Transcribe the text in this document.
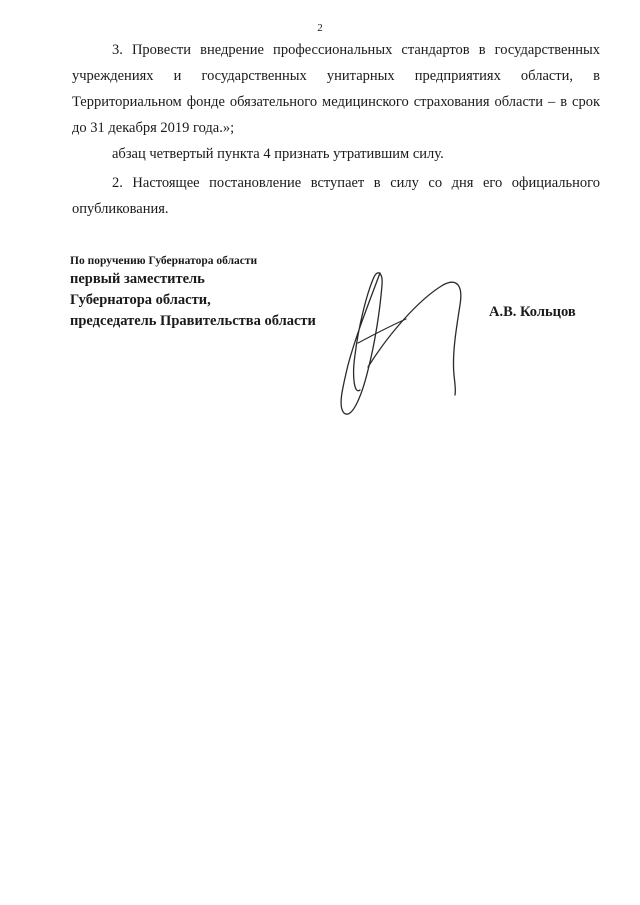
2

3. Провести внедрение профессиональных стандартов в государственных учреждениях и государственных унитарных предприятиях области, в Территориальном фонде обязательного медицинского страхования области – в срок до 31 декабря 2019 года.»;

абзац четвертый пункта 4 признать утратившим силу.

2. Настоящее постановление вступает в силу со дня его официального опубликования.

По поручению Губернатора области
первый заместитель
Губернатора области,
председатель Правительства области
А.В. Кольцов
